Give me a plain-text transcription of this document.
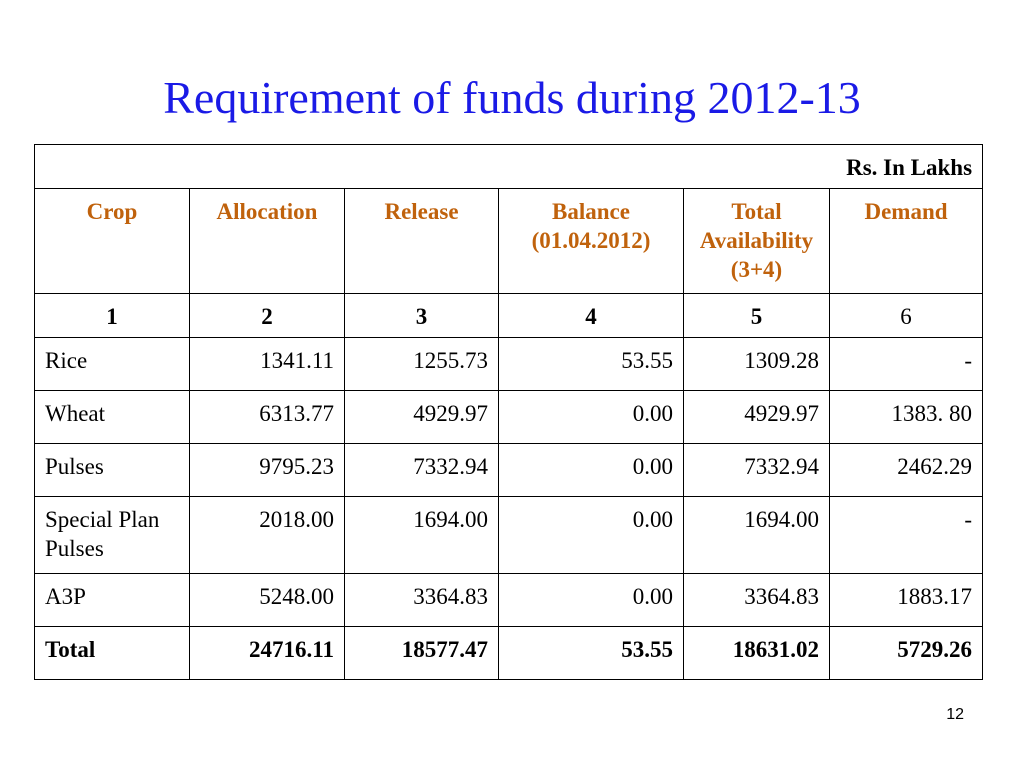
Requirement of funds during 2012-13
Rs. In Lakhs					
Crop	Allocation	Release	Balance (01.04.2012)	Total Availability (3+4)	Demand
1	2	3	4	5	6
Rice	1341.11	1255.73	53.55	1309.28	-
Wheat	6313.77	4929.97	0.00	4929.97	1383. 80
Pulses	9795.23	7332.94	0.00	7332.94	2462.29
Special Plan Pulses	2018.00	1694.00	0.00	1694.00	-
A3P	5248.00	3364.83	0.00	3364.83	1883.17
Total	24716.11	18577.47	53.55	18631.02	5729.26
12
